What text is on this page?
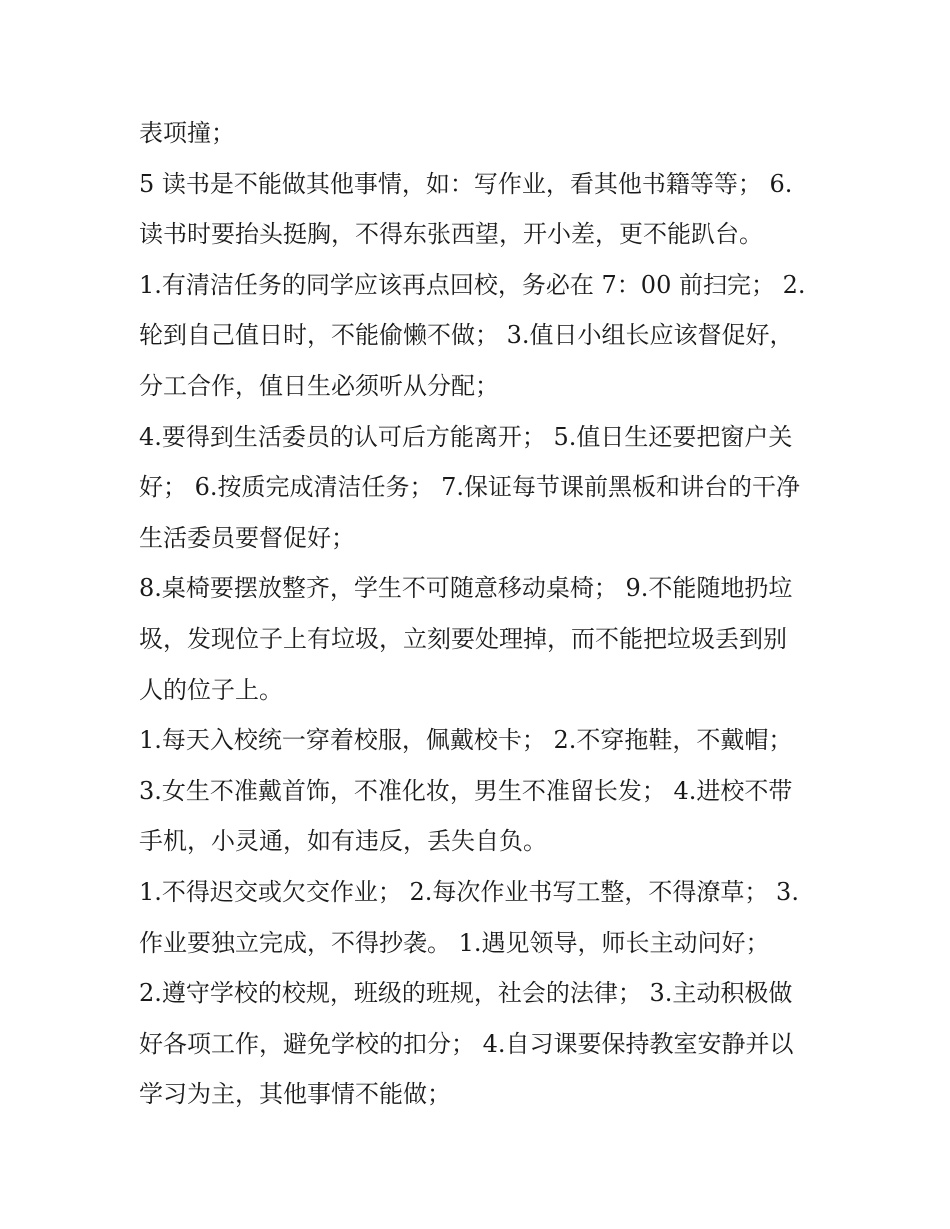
表项撞；
5 读书是不能做其他事情，如：写作业，看其他书籍等等； 6.
读书时要抬头挺胸，不得东张西望，开小差，更不能趴台。
1.有清洁任务的同学应该再点回校，务必在 7：00 前扫完； 2.
轮到自己值日时，不能偷懒不做； 3.值日小组长应该督促好，
分工合作，值日生必须听从分配；
4.要得到生活委员的认可后方能离开； 5.值日生还要把窗户关
好； 6.按质完成清洁任务； 7.保证每节课前黑板和讲台的干净
生活委员要督促好；
8.桌椅要摆放整齐，学生不可随意移动桌椅； 9.不能随地扔垃
圾，发现位子上有垃圾，立刻要处理掉，而不能把垃圾丢到别
人的位子上。
1.每天入校统一穿着校服，佩戴校卡； 2.不穿拖鞋，不戴帽；
3.女生不准戴首饰，不准化妆，男生不准留长发； 4.进校不带
手机，小灵通，如有违反，丢失自负。
1.不得迟交或欠交作业； 2.每次作业书写工整，不得潦草； 3.
作业要独立完成，不得抄袭。 1.遇见领导，师长主动问好；
2.遵守学校的校规，班级的班规，社会的法律； 3.主动积极做
好各项工作，避免学校的扣分； 4.自习课要保持教室安静并以
学习为主，其他事情不能做；
